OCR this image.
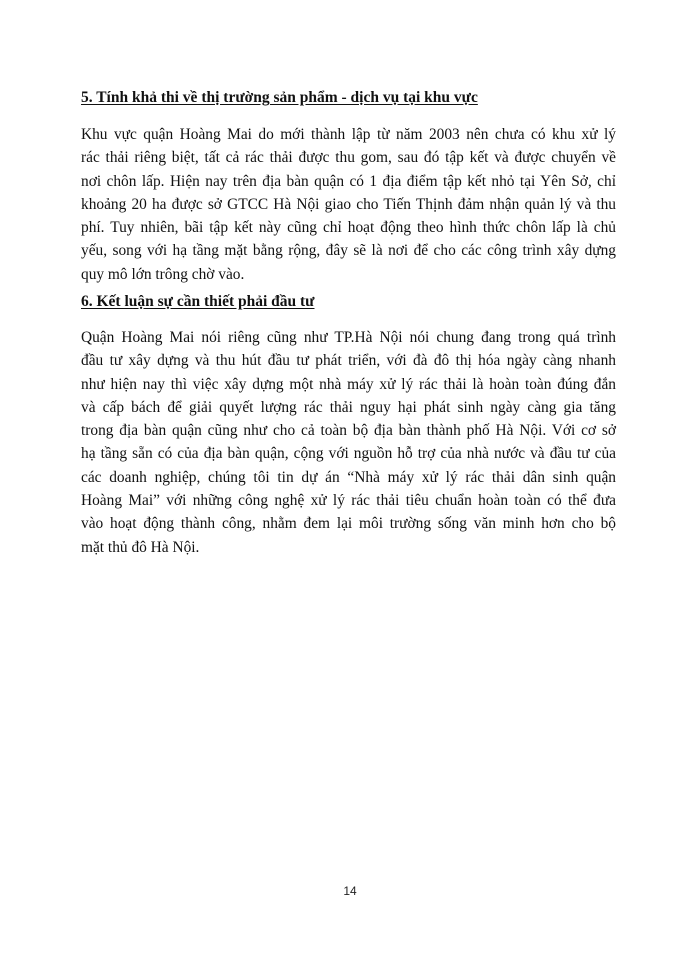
5. Tính khả thi về thị trường sản phẩm - dịch vụ tại khu vực

Khu vực quận Hoàng Mai do mới thành lập từ năm 2003 nên chưa có khu xử lý
rác thải riêng biệt, tất cả rác thải được thu gom, sau đó tập kết và được chuyển về
nơi chôn lấp. Hiện nay trên địa bàn quận có 1 địa điểm tập kết nhỏ tại Yên Sở, chỉ
khoảng 20 ha được sở GTCC Hà Nội giao cho Tiến Thịnh đảm nhận quản lý và thu
phí. Tuy nhiên, bãi tập kết này cũng chỉ hoạt động theo hình thức chôn lấp là chủ
yếu, song với hạ tầng mặt bằng rộng, đây sẽ là nơi để cho các công trình xây dựng
quy mô lớn trông chờ vào.

6. Kết luận sự cần thiết phải đầu tư

Quận Hoàng Mai nói riêng cũng như TP.Hà Nội nói chung đang trong quá trình
đầu tư xây dựng và thu hút đầu tư phát triển, với đà đô thị hóa ngày càng nhanh
như hiện nay thì việc xây dựng một nhà máy xử lý rác thải là hoàn toàn đúng đắn
và cấp bách để giải quyết lượng rác thải nguy hại phát sinh ngày càng gia tăng
trong địa bàn quận cũng như cho cả toàn bộ địa bàn thành phố Hà Nội. Với cơ sở
hạ tầng sẵn có của địa bàn quận, cộng với nguồn hỗ trợ của nhà nước và đầu tư của
các doanh nghiệp, chúng tôi tin dự án “Nhà máy xử lý rác thải dân sinh quận
Hoàng Mai” với những công nghệ xử lý rác thải tiêu chuẩn hoàn toàn có thể đưa
vào hoạt động thành công, nhằm đem lại môi trường sống văn minh hơn cho bộ
mặt thủ đô Hà Nội.

14
